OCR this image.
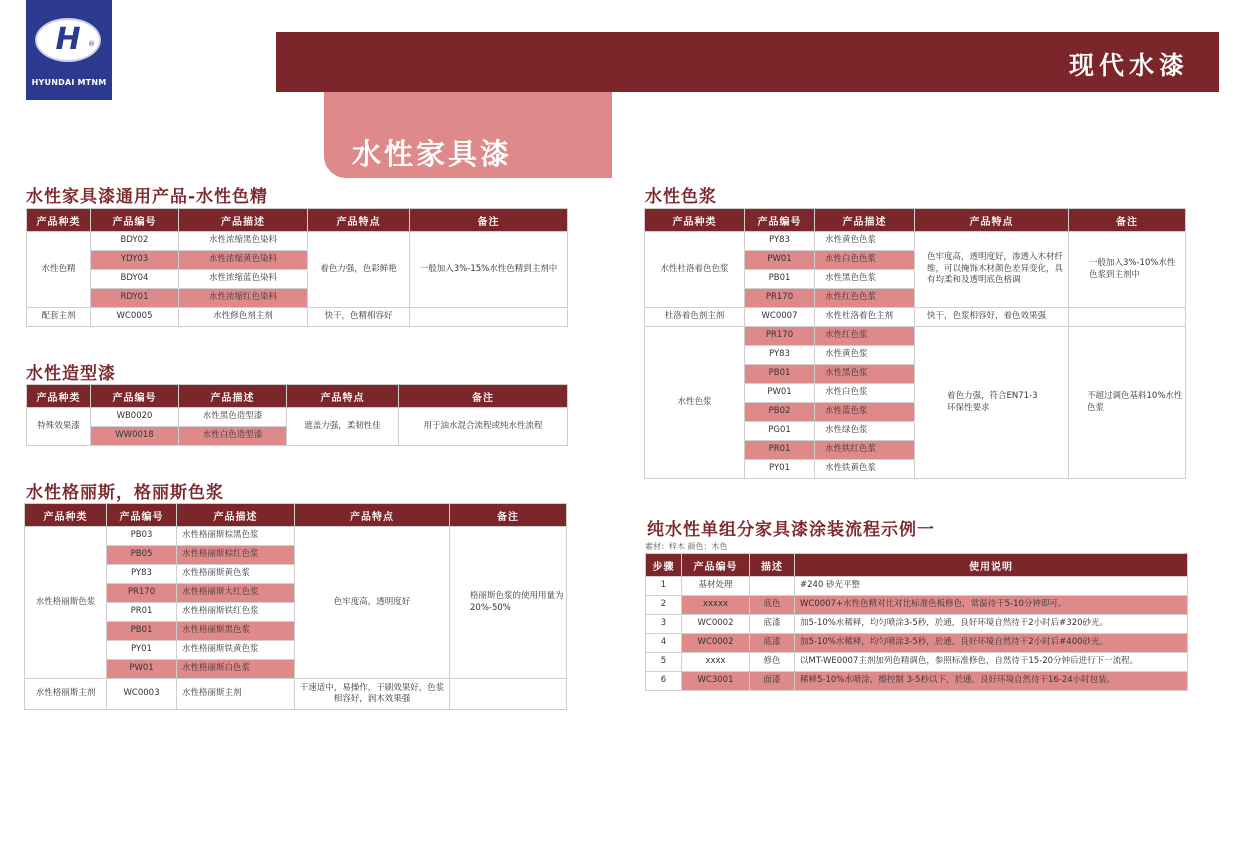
H	®
HYUNDAI MTNM
现代水漆
水性家具漆
水性家具漆通用产品-水性色精
产品种类	产品编号	产品描述	产品特点	备注
水性色精	BDY02	水性浓缩黑色染料	着色力强，色彩鲜艳	一般加入3%-15%水性色精到主剂中
	YDY03	水性浓缩黄色染料		
	BDY04	水性浓缩蓝色染料		
	RDY01	水性浓缩红色染料		
配套主剂	WC0005	水性修色剂主剂	快干，色精相容好	
水性造型漆
产品种类	产品编号	产品描述	产品特点	备注
特殊效果漆	WB0020	水性黑色造型漆	遮盖力强，柔韧性佳	用于油水混合流程或纯水性流程
	WW0018	水性白色造型漆		
水性格丽斯，格丽斯色浆
产品种类	产品编号	产品描述	产品特点	备注
水性格丽斯色浆	PB03	水性格丽斯棕黑色浆	色牢度高，透明度好	格丽斯色浆的使用用量为20%-50%
	PB05	水性格丽斯棕红色浆		
	PY83	水性格丽斯黄色浆		
	PR170	水性格丽斯大红色浆		
	PR01	水性格丽斯铁红色浆		
	PB01	水性格丽斯黑色浆		
	PY01	水性格丽斯铁黄色浆		
	PW01	水性格丽斯白色浆		
水性格丽斯主剂	WC0003	水性格丽斯主剂	干速适中，易操作，干刷效果好，色浆相容好，润木效果强	
水性色浆
产品种类	产品编号	产品描述	产品特点	备注
水性杜洛着色色浆	PY83	水性黄色色浆	色牢度高，透明度好，渗透入木材纤维，可以掩饰木材颜色差异变化，具有均柔和及透明底色格调	一般加入3%-10%水性色浆到主剂中
	PW01	水性白色色浆		
	PB01	水性黑色色浆		
	PR170	水性红色色浆		
杜洛着色剂主剂	WC0007	水性杜洛着色主剂	快干，色浆相容好，着色效果强	
水性色浆	PR170	水性红色浆	着色力强，符合EN71-3环保性要求	不超过调色基料10%水性色浆
	PY83	水性黄色浆		
	PB01	水性黑色浆		
	PW01	水性白色浆		
	PB02	水性蓝色浆		
	PG01	水性绿色浆		
	PR01	水性铁红色浆		
	PY01	水性铁黄色浆		
纯水性单组分家具漆涂装流程示例一
素材：梓木 颜色：木色
步骤	产品编号	描述	使用说明
1	基材处理		#240 砂光平整
2	xxxxx	底色	WC0007+水性色精对比对比标准色板修色，常温待干5-10分钟即可。
3	WC0002	底漆	加5-10%水稀释，均匀喷涂3-5秒，於通，良好环境自然待干2小时后#320砂光。
4	WC0002	底漆	加5-10%水稀释，均匀喷涂3-5秒，於通，良好环境自然待干2小时后#400砂光。
5	xxxx	修色	以MT-WE0007主剂加列色精调色，参照标准修色，自然待干15-20分钟后进行下一流程。
6	WC3001	面漆	稀释5-10%水喷涂，擦控制 3-5秒以下，於通，良好环境自然待干16-24小时包装。
